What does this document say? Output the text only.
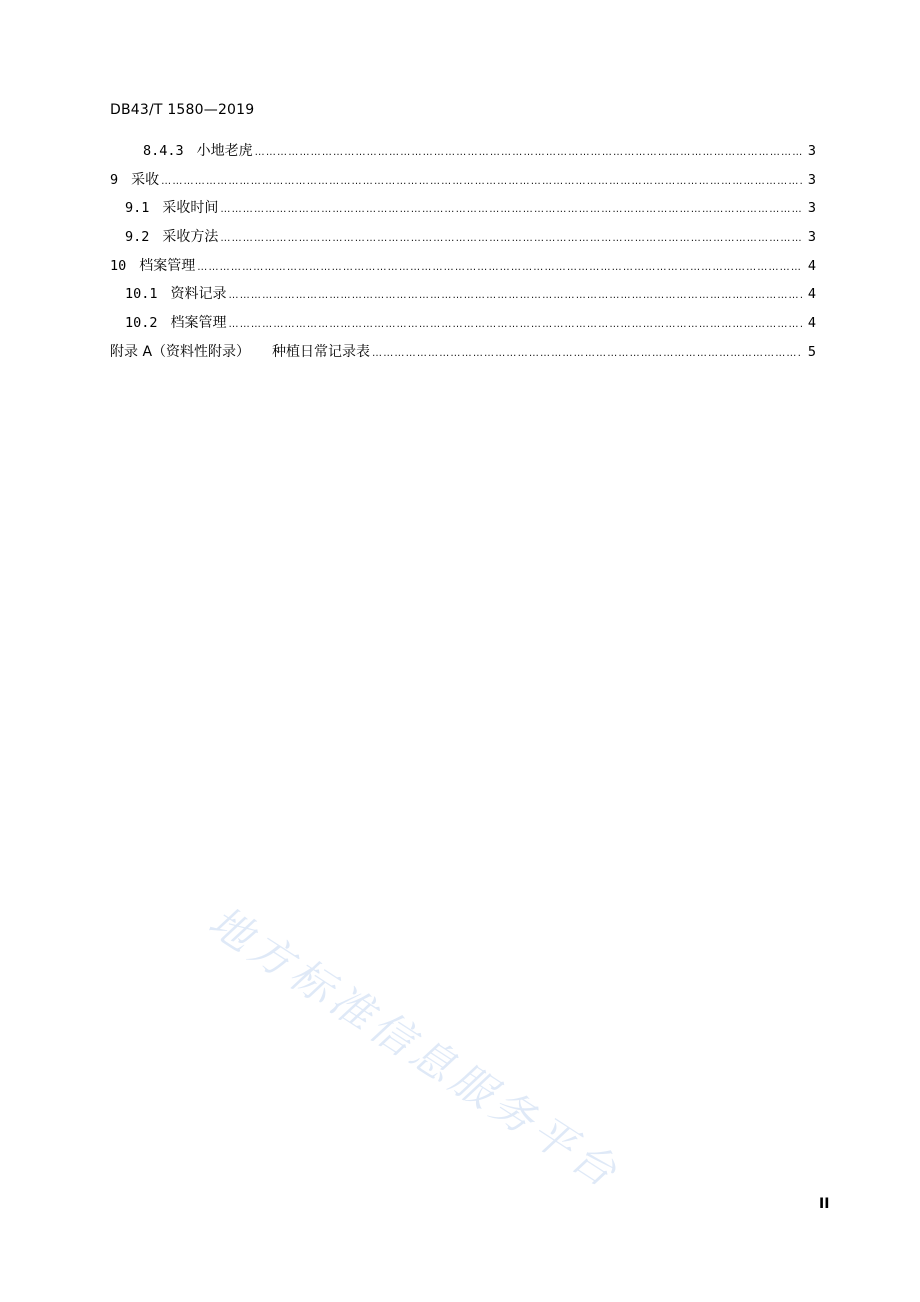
DB43/T 1580—2019
8.4.3 小地老虎 …………………………………………………………………………………………………………………………………………………………………………………………………………	3
9 采收 …………………………………………………………………………………………………………………………………………………………………………………………………………	3
9.1 采收时间 …………………………………………………………………………………………………………………………………………………………………………………………………………	3
9.2 采收方法 …………………………………………………………………………………………………………………………………………………………………………………………………………	3
10 档案管理 …………………………………………………………………………………………………………………………………………………………………………………………………………	4
10.1 资料记录 …………………………………………………………………………………………………………………………………………………………………………………………………………	4
10.2 档案管理 …………………………………………………………………………………………………………………………………………………………………………………………………………	4
附录 A（资料性附录） 种植日常记录表 …………………………………………………………………………………………………………………………………………………………………………………………………………	5
地方标准信息服务平台
II
